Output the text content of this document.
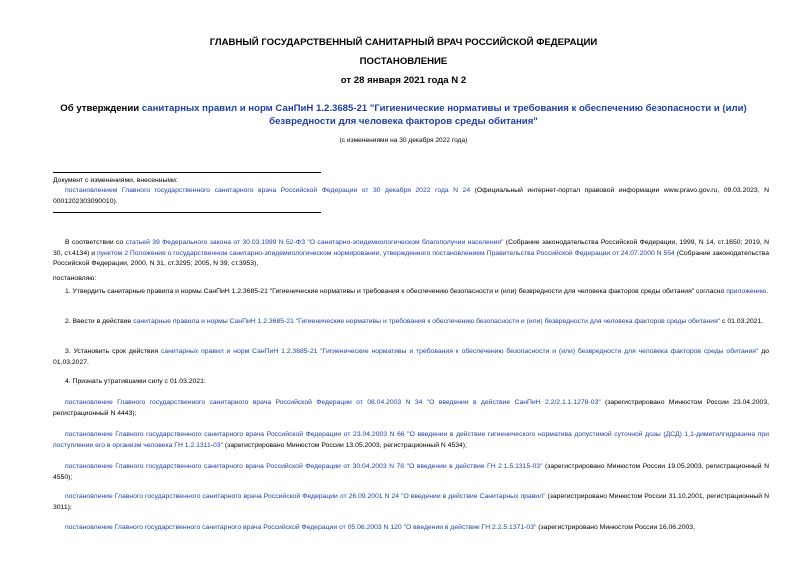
ГЛАВНЫЙ ГОСУДАРСТВЕННЫЙ САНИТАРНЫЙ ВРАЧ РОССИЙСКОЙ ФЕДЕРАЦИИ
ПОСТАНОВЛЕНИЕ
от 28 января 2021 года N 2
Об утверждении санитарных правил и норм СанПиН 1.2.3685-21 "Гигиенические нормативы и требования к обеспечению безопасности и (или) безвредности для человека факторов среды обитания"
(с изменениями на 30 декабря 2022 года)
Документ с изменениями, внесенными:
постановлением Главного государственного санитарного врача Российской Федерации от 30 декабря 2022 года N 24 (Официальный интернет-портал правовой информации www.pravo.gov.ru, 09.03.2023, N 0001202303090010).
В соответствии со статьей 39 Федерального закона от 30.03.1999 N 52-ФЗ "О санитарно-эпидемиологическом благополучии населения" (Собрание законодательства Российской Федерации, 1999, N 14, ст.1650; 2019, N 30, ст.4134) и пунктом 2 Положения о государственном санитарно-эпидемиологическом нормировании, утвержденного постановлением Правительства Российской Федерации от 24.07.2000 N 554 (Собрание законодательства Российской Федерации, 2000, N 31, ст.3295; 2005, N 39, ст.3953),
постановляю:
1. Утвердить санитарные правила и нормы СанПиН 1.2.3685-21 "Гигиенические нормативы и требования к обеспечению безопасности и (или) безвредности для человека факторов среды обитания" согласно приложению.
2. Ввести в действие санитарные правила и нормы СанПиН 1.2.3685-21 "Гигиенические нормативы и требования к обеспечению безопасности и (или) безвредности для человека факторов среды обитания" с 01.03.2021.
3. Установить срок действия санитарных правил и норм СанПиН 1.2.3685-21 "Гигиенические нормативы и требования к обеспечению безопасности и (или) безвредности для человека факторов среды обитания" до 01.03.2027.
4. Признать утратившими силу с 01.03.2021:
постановление Главного государственного санитарного врача Российской Федерации от 08.04.2003 N 34 "О введении в действие СанПиН 2.2/2.1.1.1278-03" (зарегистрировано Минюстом России 23.04.2003, регистрационный N 4443);
постановление Главного государственного санитарного врача Российской Федерации от 23.04.2003 N 66 "О введении в действие гигиенического норматива допустимой суточной дозы (ДСД) 1,1-диметилгидразина при поступлении его в организм человека ГН 1.2.1311-03" (зарегистрировано Минюстом России 13.05.2003, регистрационный N 4534);
постановление Главного государственного санитарного врача Российской Федерации от 30.04.2003 N 78 "О введении в действие ГН 2.1.5.1315-03" (зарегистрировано Минюстом России 19.05.2003, регистрационный N 4550);
постановление Главного государственного санитарного врача Российской Федерации от 26.09.2001 N 24 "О введении в действие Санитарных правил" (зарегистрировано Минюстом России 31.10.2001, регистрационный N 3011);
постановление Главного государственного санитарного врача Российской Федерации от 05.06.2003 N 120 "О введении в действие ГН 2.2.5.1371-03" (зарегистрировано Минюстом России 16.06.2003,
